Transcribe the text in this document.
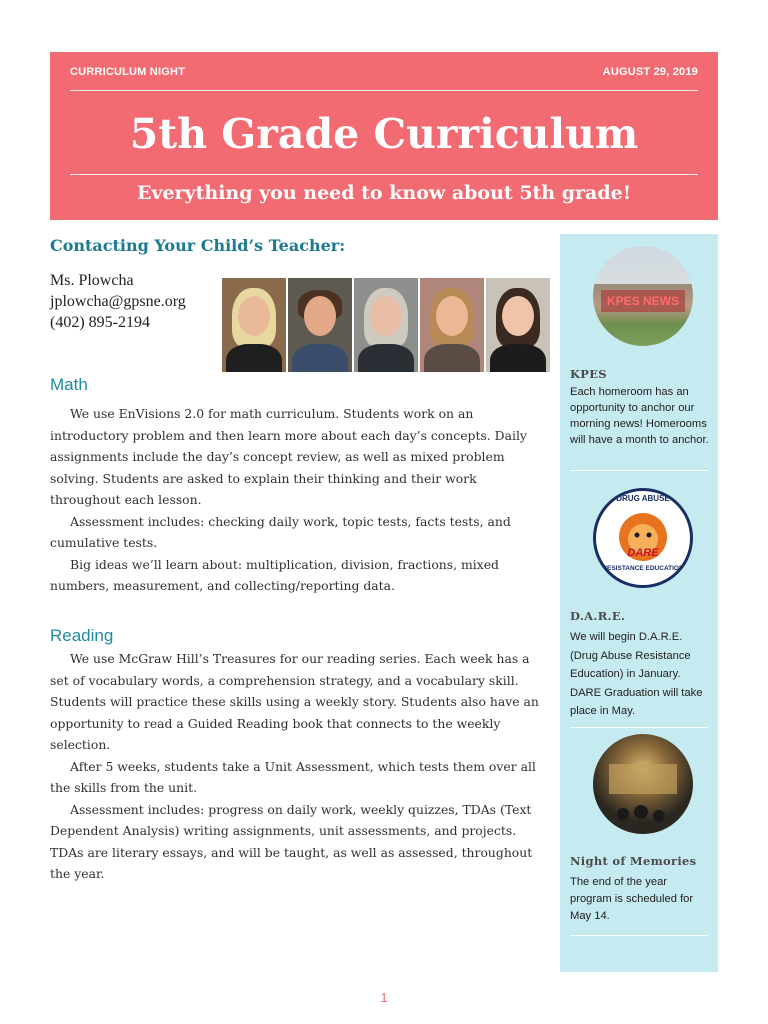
CURRICULUM NIGHT	AUGUST 29, 2019
5th Grade Curriculum
Everything you need to know about 5th grade!
Contacting Your Child’s Teacher:
Ms. Plowcha
jplowcha@gpsne.org
(402) 895-2194
Math

We use EnVisions 2.0 for math curriculum. Students work on an introductory problem and then learn more about each day’s concepts. Daily assignments include the day’s concept review, as well as mixed problem solving. Students are asked to explain their thinking and their work throughout each lesson.

Assessment includes: checking daily work, topic tests, facts tests, and cumulative tests.

Big ideas we’ll learn about: multiplication, division, fractions, mixed numbers, measurement, and collecting/reporting data.

Reading

We use McGraw Hill’s Treasures for our reading series. Each week has a set of vocabulary words, a comprehension strategy, and a vocabulary skill. Students will practice these skills using a weekly story. Students also have an opportunity to read a Guided Reading book that connects to the weekly selection.

After 5 weeks, students take a Unit Assessment, which tests them over all the skills from the unit.

Assessment includes: progress on daily work, weekly quizzes, TDAs (Text Dependent Analysis) writing assignments, unit assessments, and projects. TDAs are literary essays, and will be taught, as well as assessed, throughout the year.

KPES NEWS
KPES
Each homeroom has an opportunity to anchor our morning news! Homerooms will have a month to anchor.
DRUG ABUSE
DARE
RESISTANCE EDUCATION
D.A.R.E.
We will begin D.A.R.E. (Drug Abuse Resistance Education) in January. DARE Graduation will take place in May.
Night of Memories
The end of the year program is scheduled for May 14.
1
